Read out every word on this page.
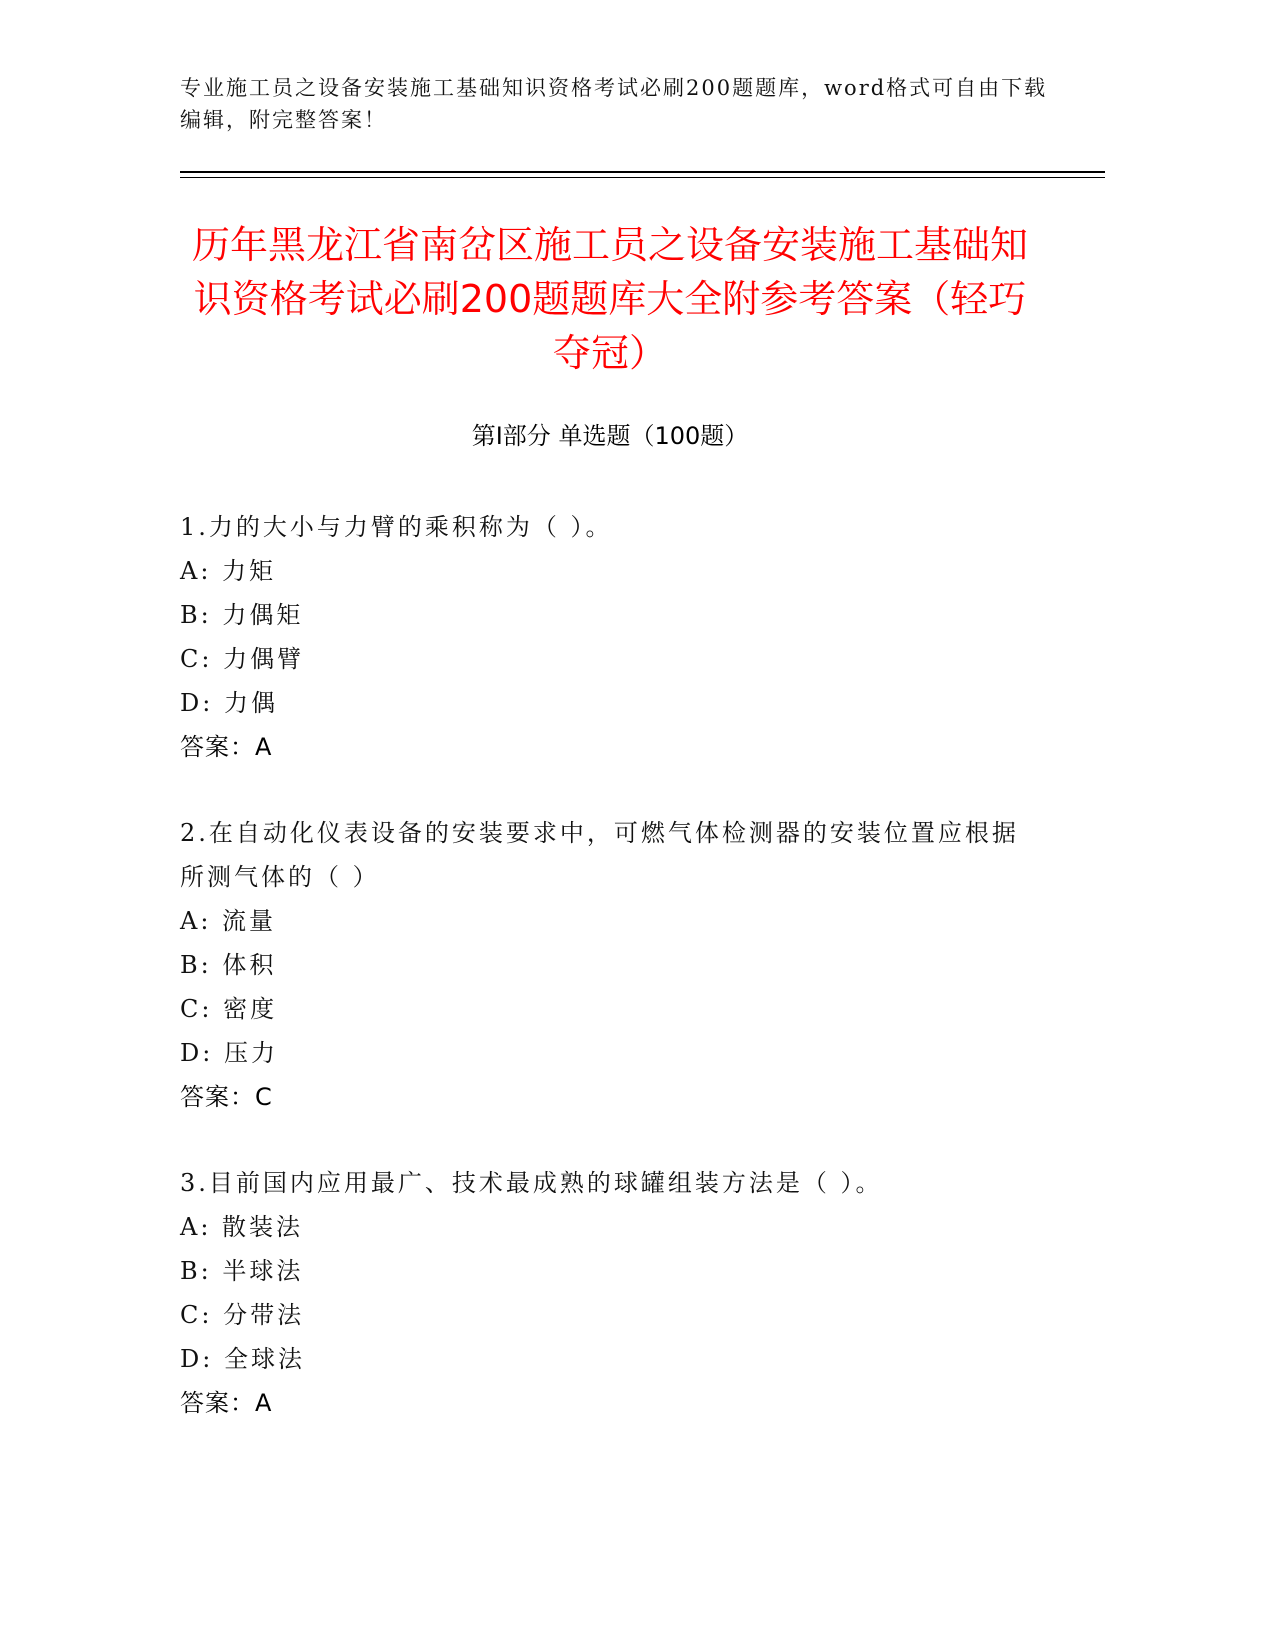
专业施工员之设备安装施工基础知识资格考试必刷200题题库，word格式可自由下载编辑，附完整答案！
历年黑龙江省南岔区施工员之设备安装施工基础知识资格考试必刷200题题库大全附参考答案（轻巧夺冠）
第Ⅰ部分 单选题（100题）

1.力的大小与力臂的乘积称为（ ）。

A: 力矩

B: 力偶矩

C: 力偶臂

D: 力偶

答案：A

2.在自动化仪表设备的安装要求中，可燃气体检测器的安装位置应根据所测气体的（ ）

A: 流量

B: 体积

C: 密度

D: 压力

答案：C

3.目前国内应用最广、技术最成熟的球罐组装方法是（ ）。

A: 散装法

B: 半球法

C: 分带法

D: 全球法

答案：A
